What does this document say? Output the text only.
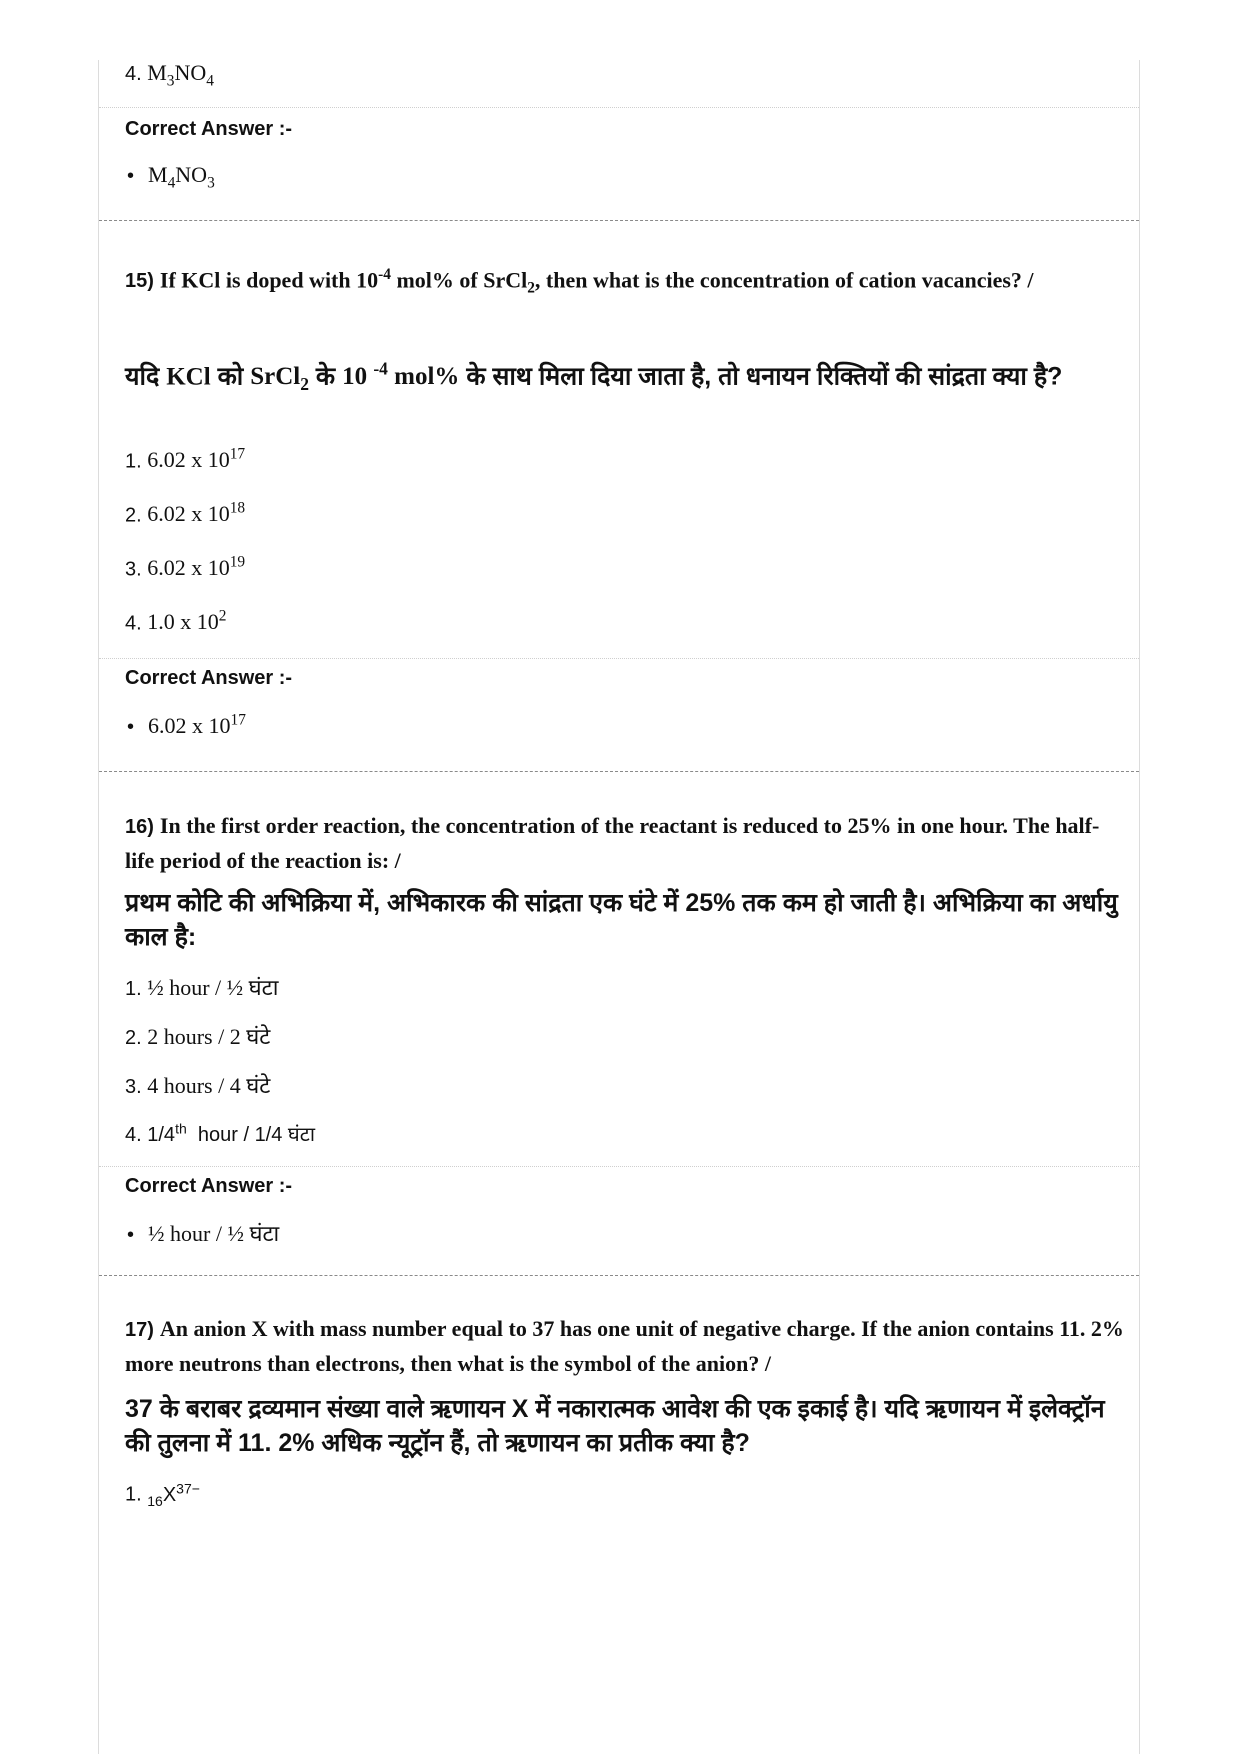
4. $M_3NO_4$
Correct Answer :-
• $M_4NO_3$
15) If KCl is doped with $10^{-4}$ mol% of SrCl$_2$, then what is the concentration of cation vacancies? /
यदि KCl को SrCl$_2$ के 10 $^{-4}$ mol% के साथ मिला दिया जाता है, तो धनायन रिक्तियों की सांद्रता क्या है?
1. 6.02 x $10^{17}$
2. 6.02 x $10^{18}$
3. 6.02 x $10^{19}$
4. 1.0 x $10^2$
Correct Answer :-
• 6.02 x $10^{17}$
16) In the first order reaction, the concentration of the reactant is reduced to 25% in one hour. The half-life period of the reaction is: /
प्रथम कोटि की अभिक्रिया में, अभिकारक की सांद्रता एक घंटे में 25% तक कम हो जाती है। अभिक्रिया का अर्धायु काल है:
1. ½ hour / ½ घंटा
2. 2 hours / 2 घंटे
3. 4 hours / 4 घंटे
4. 1/4th  hour / 1/4 घंटा
Correct Answer :-
• ½ hour / ½ घंटा
17) An anion X with mass number equal to 37 has one unit of negative charge. If the anion contains 11. 2% more neutrons than electrons, then what is the symbol of the anion? /
37 के बराबर द्रव्यमान संख्या वाले ऋणायन X में नकारात्मक आवेश की एक इकाई है। यदि ऋणायन में इलेक्ट्रॉन की तुलना में 11. 2% अधिक न्यूट्रॉन हैं, तो ऋणायन का प्रतीक क्या है?
1. $_{16}X^{37-}$
